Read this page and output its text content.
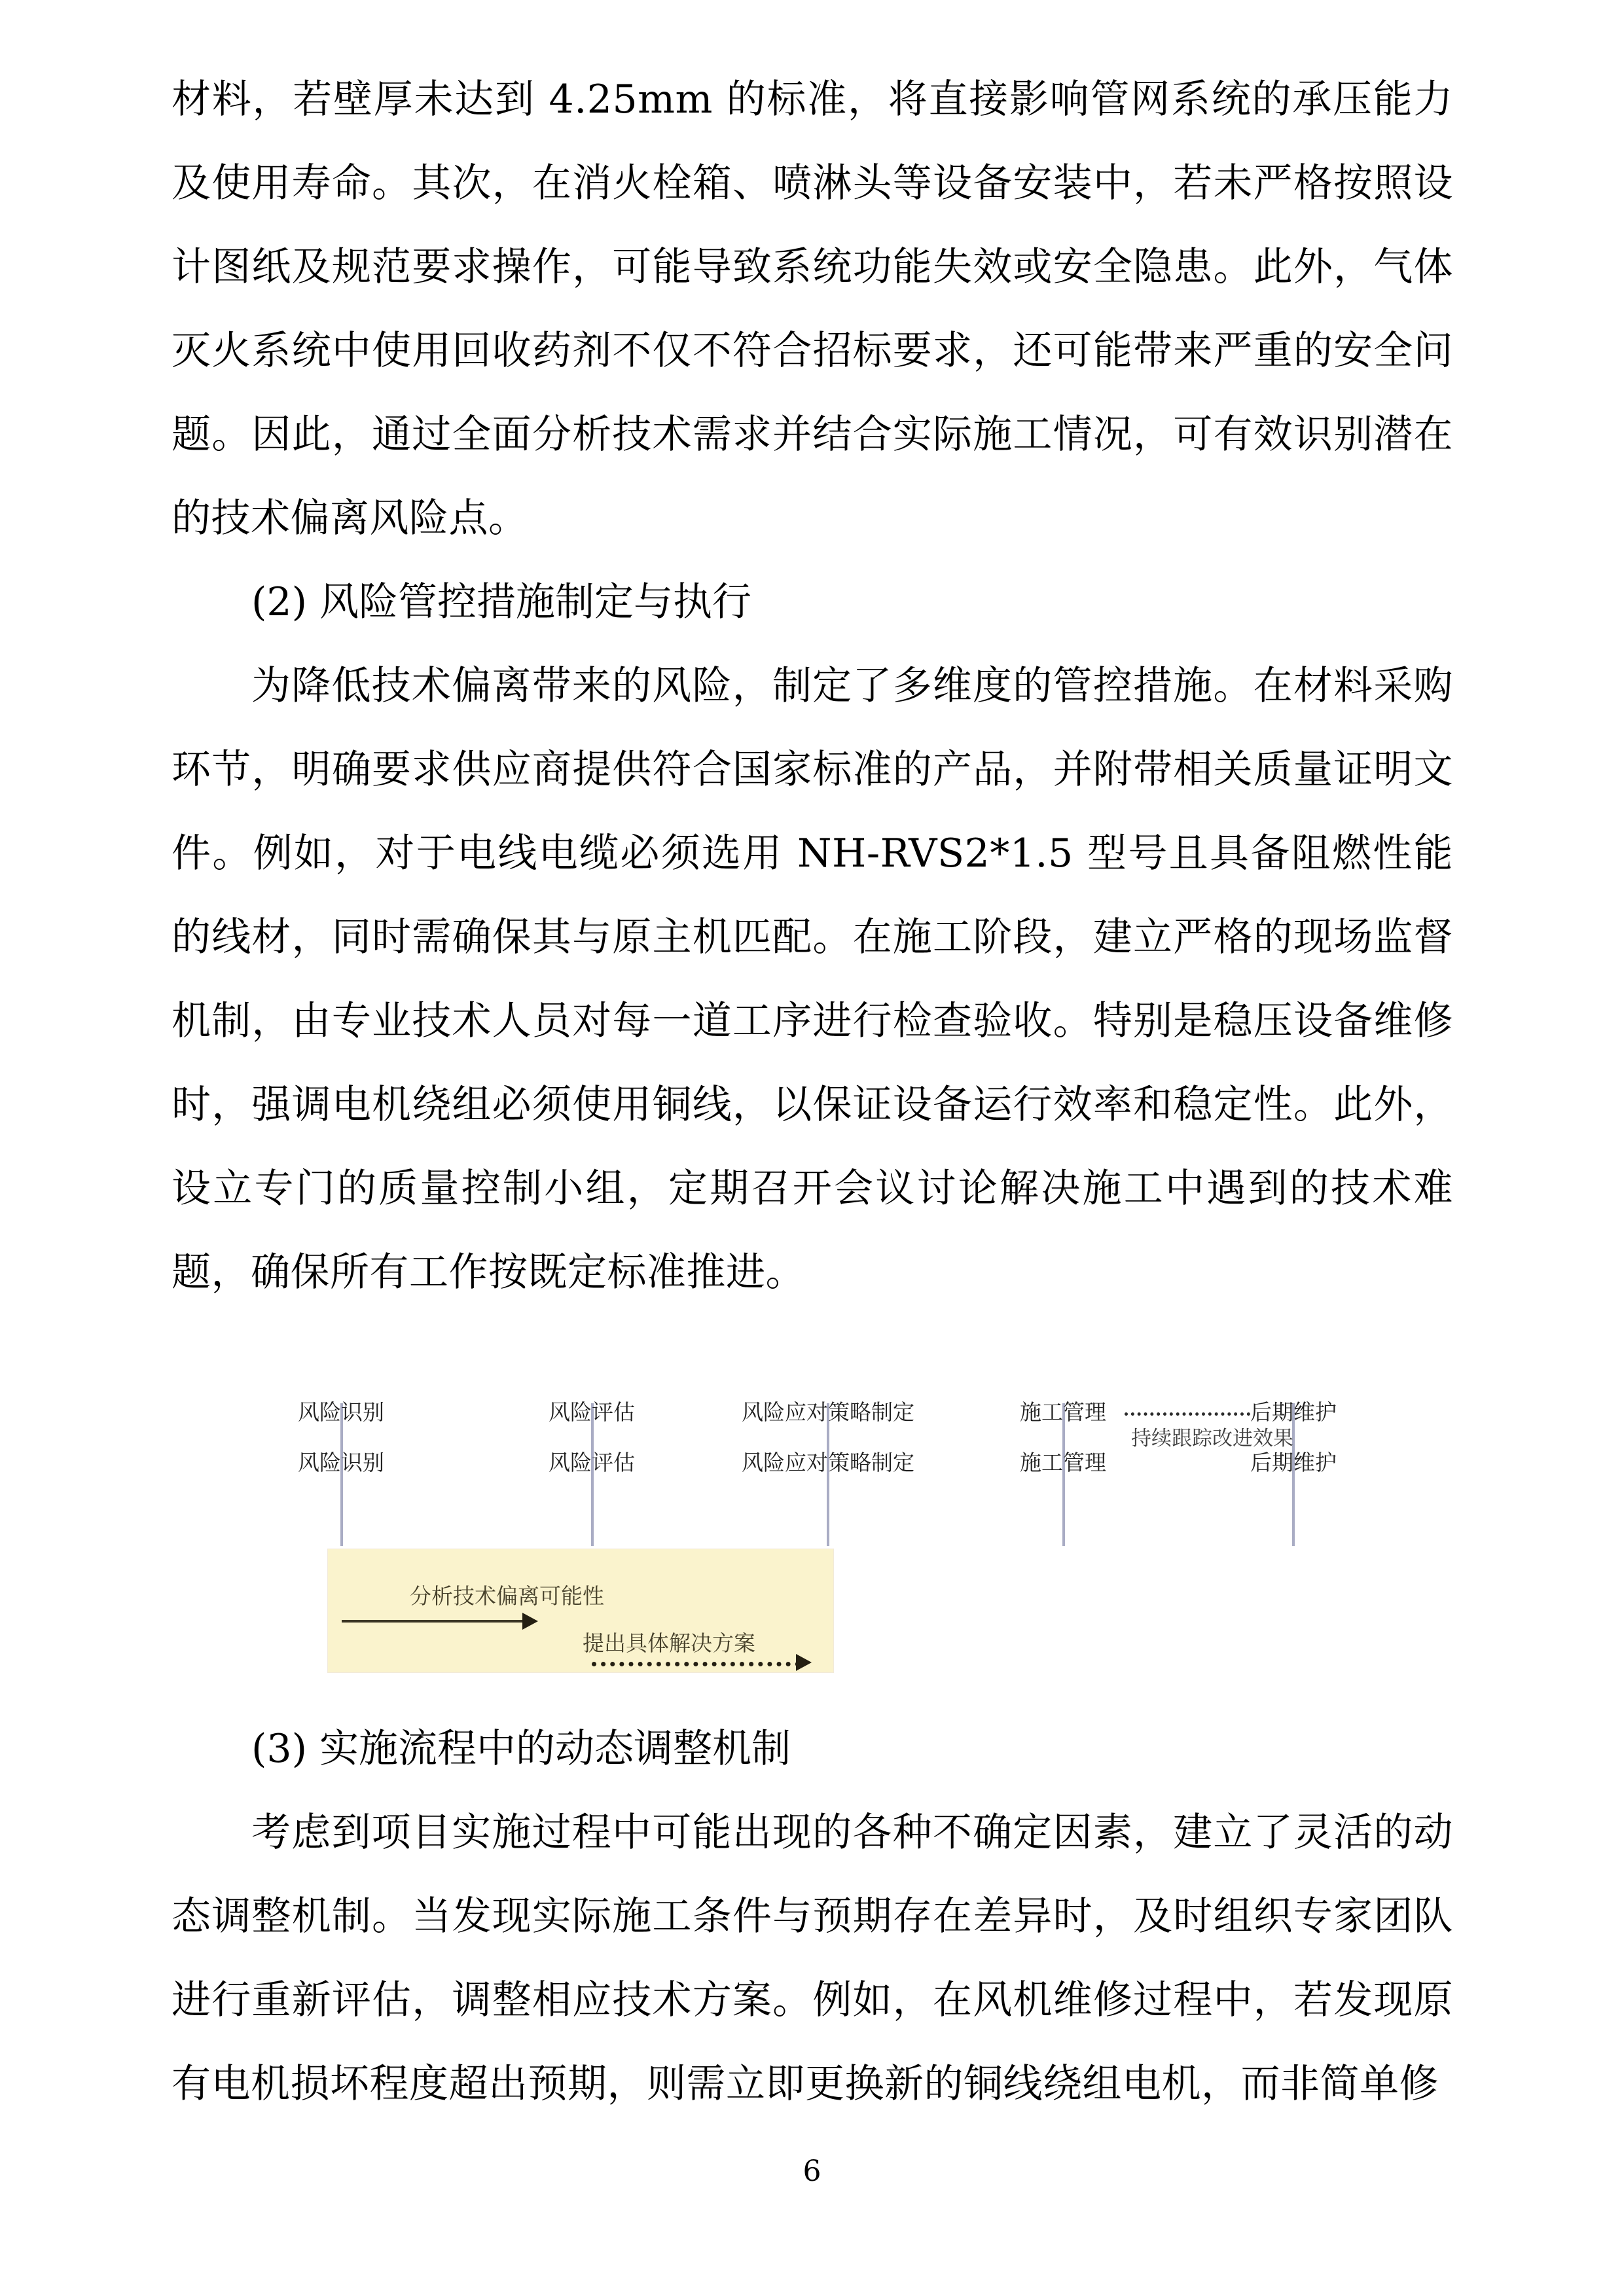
材料，若壁厚未达到 4.25mm 的标准，将直接影响管网系统的承压能力及使用寿命。其次，在消火栓箱、喷淋头等设备安装中，若未严格按照设计图纸及规范要求操作，可能导致系统功能失效或安全隐患。此外，气体灭火系统中使用回收药剂不仅不符合招标要求，还可能带来严重的安全问题。因此，通过全面分析技术需求并结合实际施工情况，可有效识别潜在的技术偏离风险点。

(2) 风险管控措施制定与执行

为降低技术偏离带来的风险，制定了多维度的管控措施。在材料采购环节，明确要求供应商提供符合国家标准的产品，并附带相关质量证明文件。例如，对于电线电缆必须选用 NH-RVS2*1.5 型号且具备阻燃性能的线材，同时需确保其与原主机匹配。在施工阶段，建立严格的现场监督机制，由专业技术人员对每一道工序进行检查验收。特别是稳压设备维修时，强调电机绕组必须使用铜线，以保证设备运行效率和稳定性。此外，设立专门的质量控制小组，定期召开会议讨论解决施工中遇到的技术难题，确保所有工作按既定标准推进。

风险识别	风险评估	风险应对策略制定	施工管理	后期维护
持续跟踪改进效果
风险识别	风险评估	风险应对策略制定	施工管理	后期维护
分析技术偏离可能性
提出具体解决方案
(3) 实施流程中的动态调整机制

考虑到项目实施过程中可能出现的各种不确定因素，建立了灵活的动态调整机制。当发现实际施工条件与预期存在差异时，及时组织专家团队进行重新评估，调整相应技术方案。例如，在风机维修过程中，若发现原有电机损坏程度超出预期，则需立即更换新的铜线绕组电机，而非简单修

6
